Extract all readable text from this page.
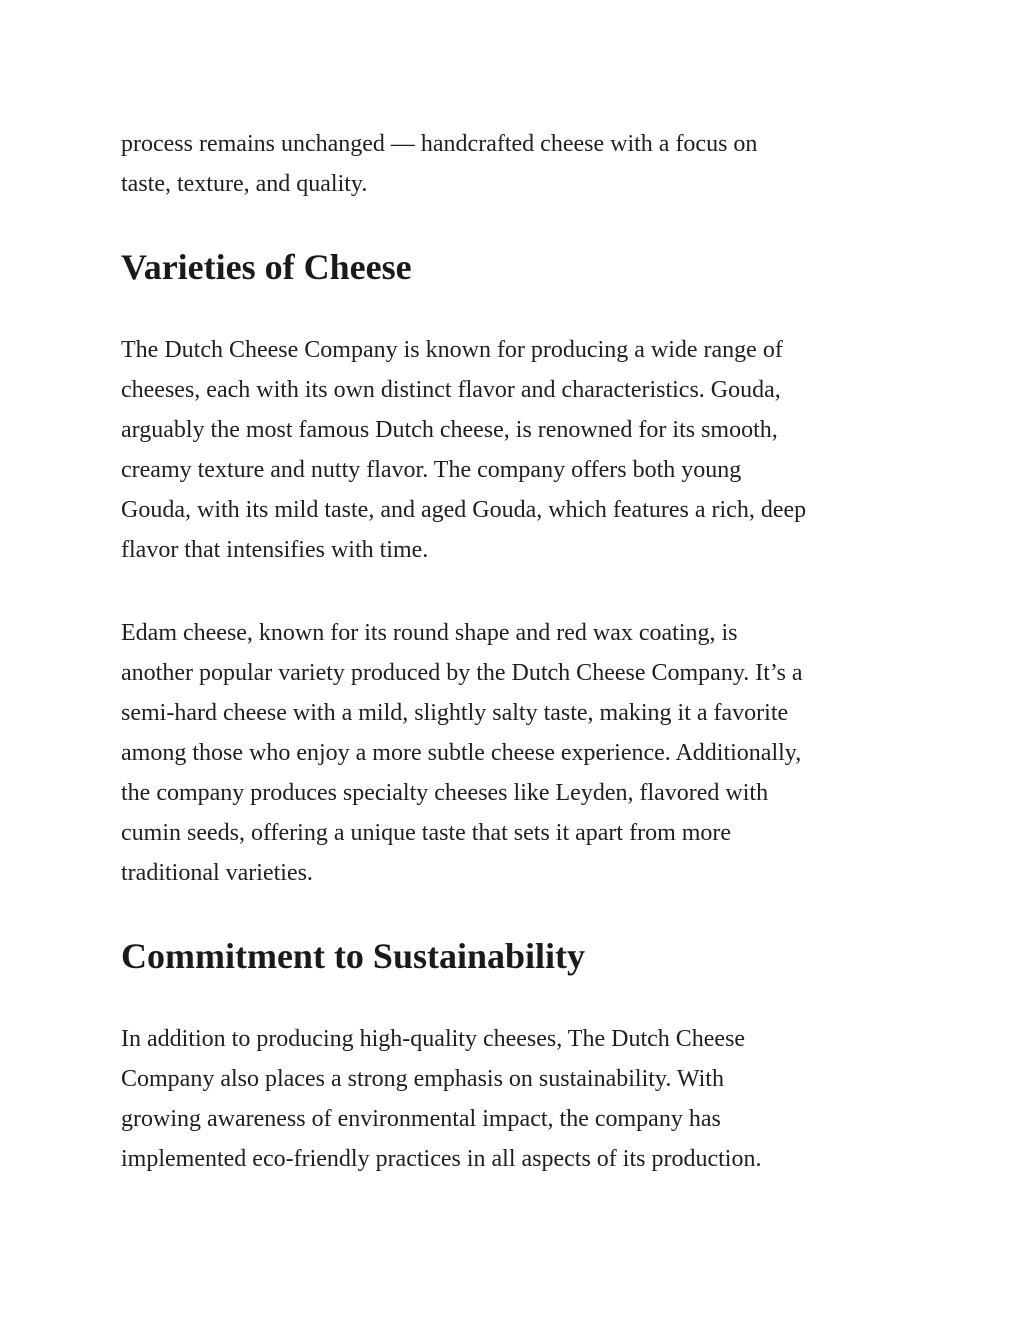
process remains unchanged — handcrafted cheese with a focus on
taste, texture, and quality.

Varieties of Cheese

The Dutch Cheese Company is known for producing a wide range of
cheeses, each with its own distinct flavor and characteristics. Gouda,
arguably the most famous Dutch cheese, is renowned for its smooth,
creamy texture and nutty flavor. The company offers both young
Gouda, with its mild taste, and aged Gouda, which features a rich, deep
flavor that intensifies with time.

Edam cheese, known for its round shape and red wax coating, is
another popular variety produced by the Dutch Cheese Company. It’s a
semi-hard cheese with a mild, slightly salty taste, making it a favorite
among those who enjoy a more subtle cheese experience. Additionally,
the company produces specialty cheeses like Leyden, flavored with
cumin seeds, offering a unique taste that sets it apart from more
traditional varieties.

Commitment to Sustainability

In addition to producing high-quality cheeses, The Dutch Cheese
Company also places a strong emphasis on sustainability. With
growing awareness of environmental impact, the company has
implemented eco-friendly practices in all aspects of its production.
